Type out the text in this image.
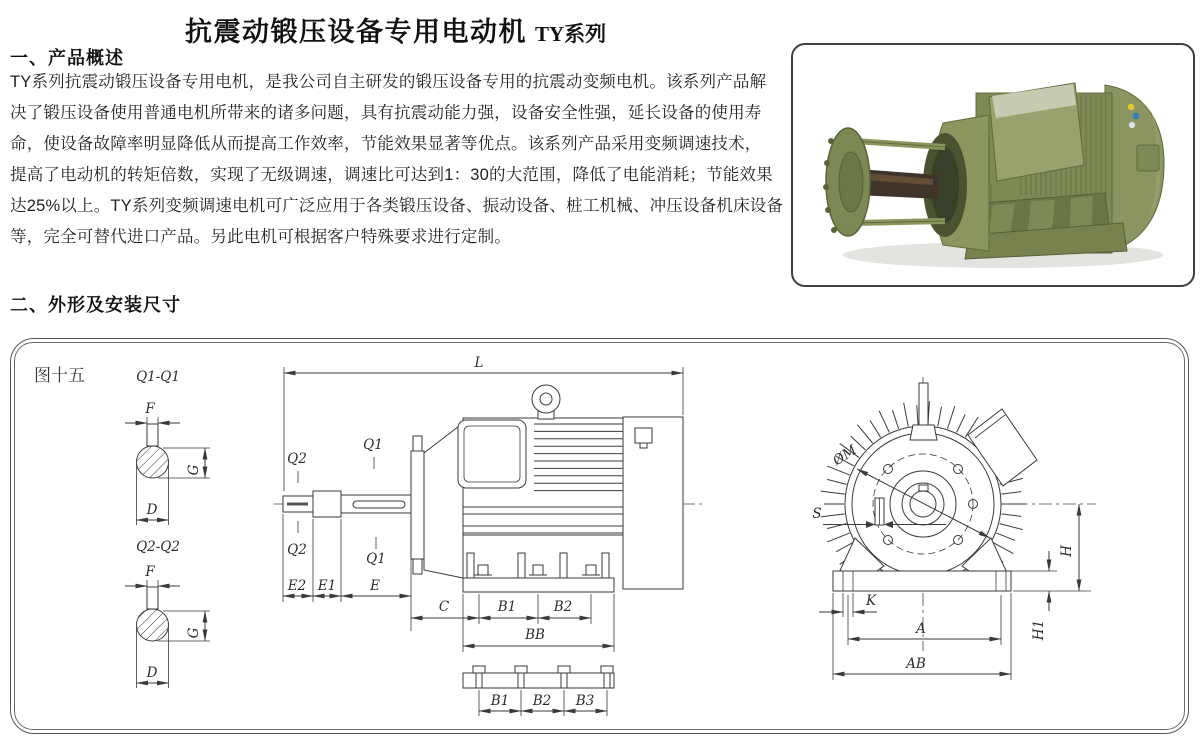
抗震动锻压设备专用电动机 TY系列
一、产品概述
TY系列抗震动锻压设备专用电机，是我公司自主研发的锻压设备专用的抗震动变频电机。该系列产品解
决了锻压设备使用普通电机所带来的诸多问题，具有抗震动能力强，设备安全性强，延长设备的使用寿
命，使设备故障率明显降低从而提高工作效率，节能效果显著等优点。该系列产品采用变频调速技术，
提高了电动机的转矩倍数，实现了无级调速，调速比可达到1：30的大范围，降低了电能消耗；节能效果
达25%以上。TY系列变频调速电机可广泛应用于各类锻压设备、振动设备、桩工机械、冲压设备机床设备
等，完全可替代进口产品。另此电机可根据客户特殊要求进行定制。
二、外形及安装尺寸
图十五	Q1-Q1
F
G
D
Q2-Q2
F
G
D
L
Q2
Q2
Q1
Q1
E2 E1	E
C	B1	B2
BB
B1 B2 B3
ØM
S
H
H1
K
A
AB
